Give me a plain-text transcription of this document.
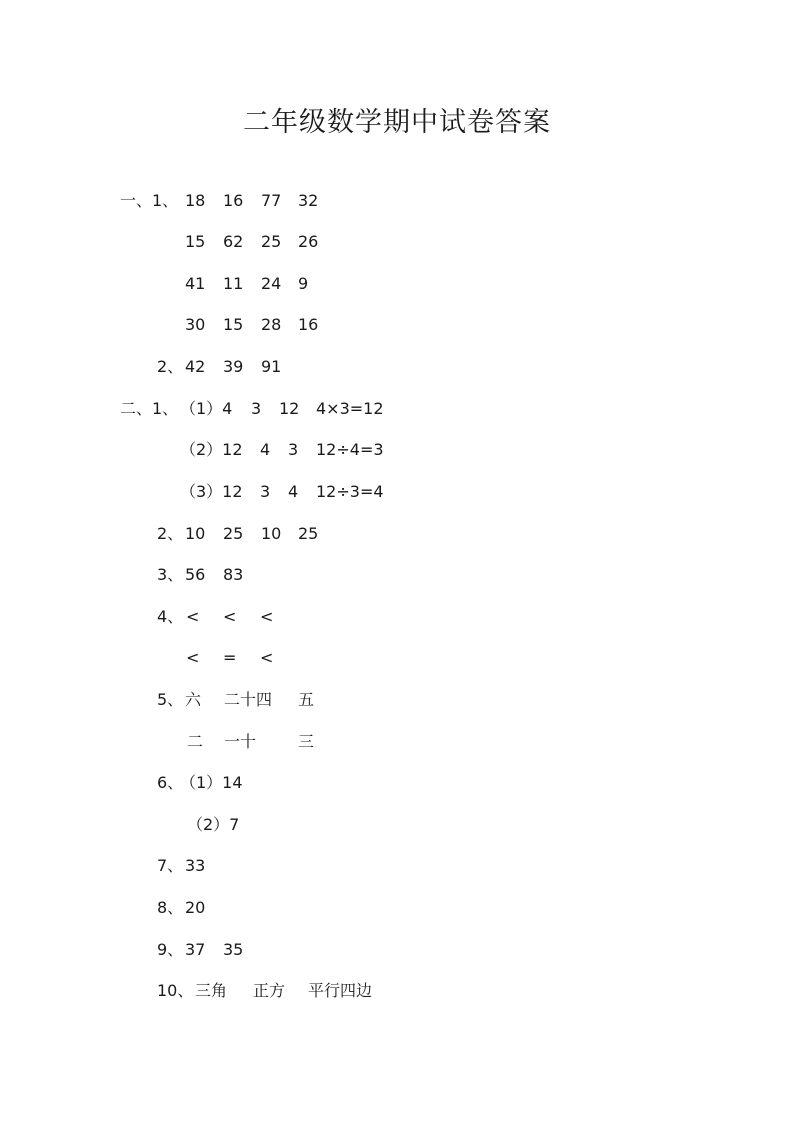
二年级数学期中试卷答案
一、1、 18 16 77 32
15 62 25 26
41 11 24 9
30 15 28 16
2、 42 39 91
二、1、 （1）4 3 12 4×3=12
（2）12 4 3 12÷4=3
（3）12 3 4 12÷3=4
2、 10 25 10 25
3、 56 83
4、 < < <
< = <
5、 六 二十四 五
二 一十	三
6、
（1）14
（2）7
7、 33
8、 20
9、 37 35
10、 三角 正方 平行四边
